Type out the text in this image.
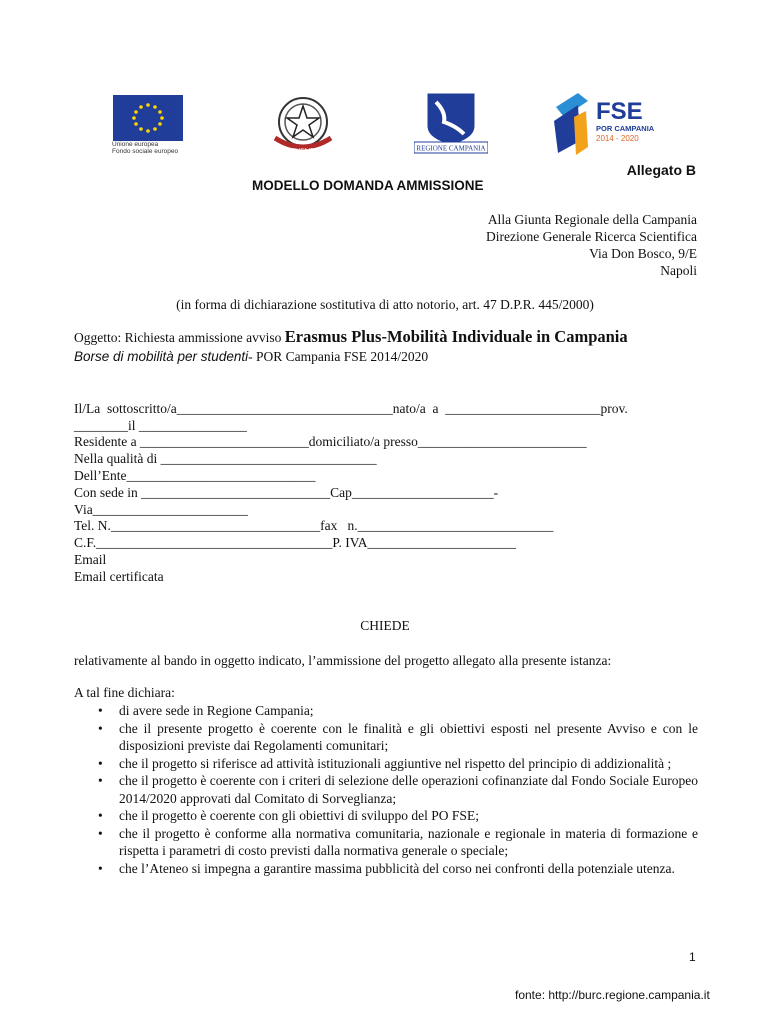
Unione europea
Fondo sociale europeo	REPUBBLICA ITALIANA	REGIONE CAMPANIA
FSE
POR CAMPANIA
2014 - 2020
Allegato B
MODELLO DOMANDA AMMISSIONE
Alla Giunta Regionale della Campania
Direzione Generale Ricerca Scientifica
Via Don Bosco, 9/E
Napoli
(in forma di dichiarazione sostitutiva di atto notorio, art. 47 D.P.R. 445/2000)
Oggetto: Richiesta ammissione avviso Erasmus Plus-Mobilità Individuale in Campania
Borse di mobilità per studenti- POR Campania FSE 2014/2020
Il/La  sottoscritto/a________________________________nato/a  a  _______________________prov.
________il ________________
Residente a _________________________domiciliato/a presso_________________________
Nella qualità di ________________________________
Dell’Ente____________________________
Con sede in ____________________________Cap_____________________-
Via_______________________
Tel. N._______________________________fax   n._____________________________
C.F.___________________________________P. IVA______________________
Email
Email certificata
CHIEDE
relativamente al bando in oggetto indicato, l’ammissione del progetto allegato alla presente istanza:
A tal fine dichiara:
• di avere sede in Regione Campania;
• che il presente progetto è coerente con le finalità e gli obiettivi esposti nel presente Avviso e con le disposizioni previste dai Regolamenti comunitari;
• che il progetto si riferisce ad attività istituzionali aggiuntive nel rispetto del principio di addizionalità ;
• che il progetto è coerente con i criteri di selezione delle operazioni cofinanziate dal Fondo Sociale Europeo 2014/2020 approvati dal Comitato di Sorveglianza;
• che il progetto è coerente con gli obiettivi di sviluppo del PO FSE;
• che il progetto è conforme alla normativa comunitaria, nazionale e regionale in materia di formazione e rispetta i parametri di costo previsti dalla normativa generale o speciale;
• che l’Ateneo si impegna a garantire massima pubblicità del corso nei confronti della potenziale utenza.
1
fonte: http://burc.regione.campania.it
